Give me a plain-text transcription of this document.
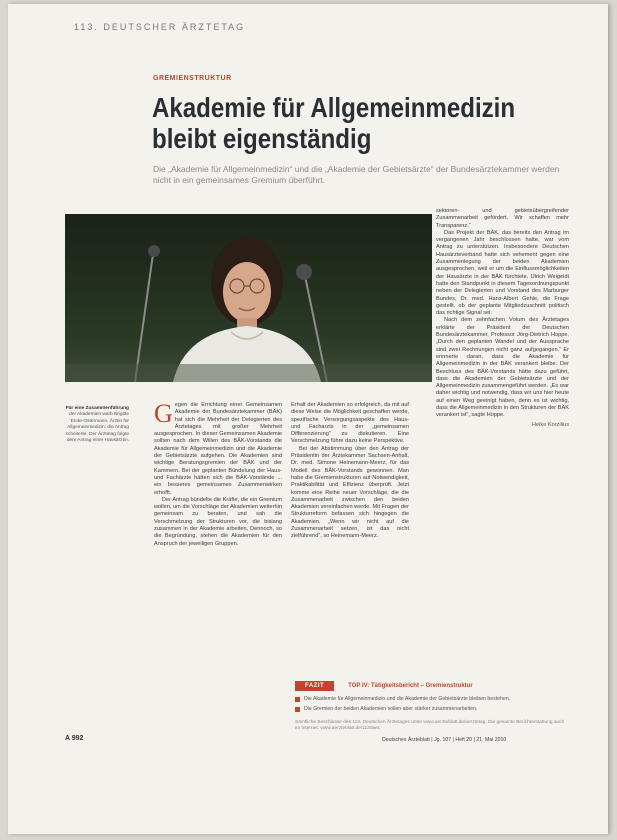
113. DEUTSCHER ÄRZTETAG
GREMIENSTRUKTUR
Akademie für Allgemeinmedizin bleibt eigenständig
Die „Akademie für Allgemeinmedizin“ und die „Akademie der Gebietsärzte“ der Bundesärztekammer werden nicht in ein gemeinsames Gremium überführt.
Für eine Zusammenführung der Akademien warb Brigitte Ende-Ostermann, Ärztin für Allgemeinmedizin; die Antrag scheiterte. Der Ärztetag folgte dem Antrag einer Hausärztin.
G egen die Errichtung einer Gemeinsamen Akademie der Bundesärztekammer (BÄK) hat sich die Mehrheit der Delegierten des Ärztetages mit großer Mehrheit ausgesprochen. In dieser Gemeinsamen Akademie sollten nach dem Willen des BÄK-Vorstands die Akademie für Allgemeinmedizin und die Akademie der Gebietsärzte aufgehen. Die Akademien sind wichtige Beratungsgremien der BÄK und der Kammern. Bei der geplanten Bündelung der Haus- und Fachärzte hätten sich die BÄK-Vorstände ... ein besseres gemeinsames Zusammenwirken erhofft.

Der Antrag bündelte die Kräfte, die ein Gremium wollen, um die Vorschläge der Akademien weiterhin gemeinsam zu beraten, und sah die Verschmelzung der Strukturen vor, die bislang zusammen in der Akademie arbeiten. Dennoch, so die Begründung, stehen die Akademien für den Anspruch der jeweiligen Gruppen.

Erhalt der Akademien so erfolgreich, da mit auf diese Weise die Möglichkeit geschaffen werde, spezifische Versorgungsaspekte des Haus- und Facharzts in der „gemeinsamen Differenzierung“ zu diskutieren. Eine Verschmelzung führe dazu keine Perspektive.

Bei der Abstimmung über den Antrag der Präsidentin der Ärztekammer Sachsen-Anhalt, Dr. med. Simone Heinemann-Meerz, für das Modell des BÄK-Vorstands gewonnen. Man habe die Gremienstrukturen auf Notwendigkeit, Praktikabilität und Effizienz überprüft. Jetzt komme eine Reihe neuer Vorschläge, die die Zusammenarbeit zwischen den beiden Akademien vereinfachen werde. Mit Fragen der Strukturreform befassen sich hingegen die Akademien. „Wenn wir nicht auf die Zusammenarbeit setzen, ist das nicht zielführend“, so Heinemann-Meerz.

sektoren- und gebietsübergreifender Zusammenarbeit gefördert. Wir schaffen mehr Transparenz.“

Das Projekt der BÄK, das bereits den Antrag im vergangenen Jahr beschlossen hatte, war vom Antrag zu unterstützen. Insbesondere Deutschen Hausärzteverband hatte sich vehement gegen eine Zusammenlegung der beiden Akademien ausgesprochen, weil er um die Einflussmöglichkeiten der Hausärzte in der BÄK fürchtete. Ulrich Weigeldt hatte den Standpunkt in diesem Tagesordnungspunkt neben der Delegierten und Vorstand des Marburger Bundes, Dr. med. Hans-Albert Gehle, die Frage gestellt, ob der geplante Mitgliedzuschnitt politisch das richtige Signal sei.

Nach dem zehnfachen Votum des Ärztetages erklärte der Präsident der Deutschen Bundesärztekammer, Professor Jörg-Dietrich Hoppe, „Durch den geplanten Wandel und der Aussprache sind zwei Rechnungen nicht ganz aufgegangen.“ Er erinnerte daran, dass die Akademie für Allgemeinmedizin in der BÄK verankert bleibe. Der Beschluss des BÄK-Vorstands hätte dazu geführt, dass die Akademien der Gebietsärzte und der Allgemeinmedizin zusammengeführt werden. „Es war daher wichtig und notwendig, dass wir uns hier heute auf einen Weg geeinigt haben, denn es ist wichtig, dass die Allgemeinmedizin in den Strukturen der BÄK verankert ist“, sagte Hoppe.

Heike Korzilius

FAZIT	TOP IV: Tätigkeitsbericht – Gremienstruktur
Die Akademie für Allgemeinmedizin und die Akademie der Gebietsärzte bleiben bestehen.
Die Gremien der beiden Akademien sollen aber stärker zusammenarbeiten.
Sämtliche Beschlüsse des 113. Deutschen Ärztetages unter www.aerzteblatt.de/aerztetag. Die gesamte Berichterstattung auch im Internet: www.aerzteblatt.de/113daet.
A 992	Deutsches Ärzteblatt | Jg. 107 | Heft 20 | 21. Mai 2010
